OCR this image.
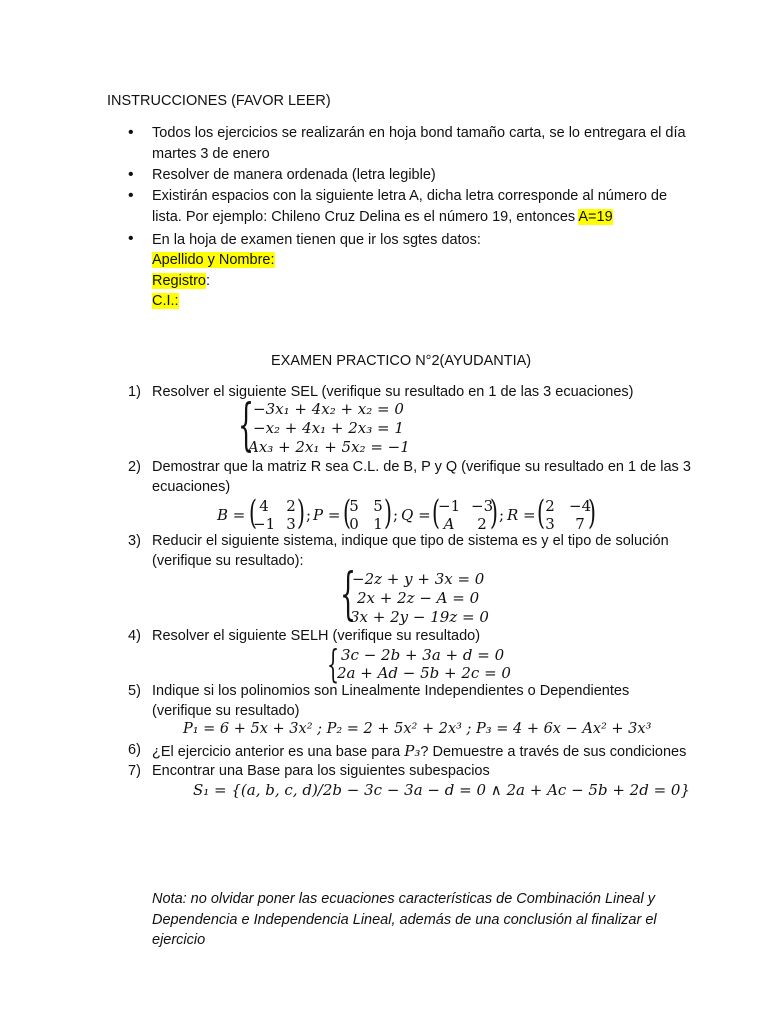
INSTRUCCIONES (FAVOR LEER)
• Todos los ejercicios se realizarán en hoja bond tamaño carta, se lo entregara el día
martes 3 de enero
• Resolver de manera ordenada (letra legible)
• Existirán espacios con la siguiente letra A, dicha letra corresponde al número de
lista. Por ejemplo: Chileno Cruz Delina es el número 19, entonces A=19
• En la hoja de examen tienen que ir los sgtes datos:
Apellido y Nombre:
Registro:
C.I.:
EXAMEN PRACTICO N°2(AYUDANTIA)
1) Resolver el siguiente SEL (verifique su resultado en 1 de las 3 ecuaciones)
{
−3x₁ + 4x₂ + x₂ = 0
−x₂ + 4x₁ + 2x₃ = 1
Ax₃ + 2x₁ + 5x₂ = −1
2) Demostrar que la matriz R sea C.L. de B, P y Q (verifique su resultado en 1 de las 3
ecuaciones)
B = ( 4	2
−1 3 ) ; P = (
5 5
0 1 ) ; Q = (
−1 −3
A	2 ) ; R = ( 2 −4
3	7 )
3) Reducir el siguiente sistema, indique que tipo de sistema es y el tipo de solución
(verifique su resultado):
{
−2z + y + 3x = 0
2x + 2z − A = 0
3x + 2y − 19z = 0
4) Resolver el siguiente SELH (verifique su resultado)
{ 3c − 2b + 3a + d = 0
2a + Ad − 5b + 2c = 0
5) Indique si los polinomios son Linealmente Independientes o Dependientes
(verifique su resultado)
P₁ = 6 + 5x + 3x² ; P₂ = 2 + 5x² + 2x³ ; P₃ = 4 + 6x − Ax² + 3x³
6) ¿El ejercicio anterior es una base para P₃? Demuestre a través de sus condiciones
7) Encontrar una Base para los siguientes subespacios
S₁ = {(a, b, c, d)/2b − 3c − 3a − d = 0 ∧ 2a + Ac − 5b + 2d = 0}
Nota: no olvidar poner las ecuaciones características de Combinación Lineal y
Dependencia e Independencia Lineal, además de una conclusión al finalizar el
ejercicio
